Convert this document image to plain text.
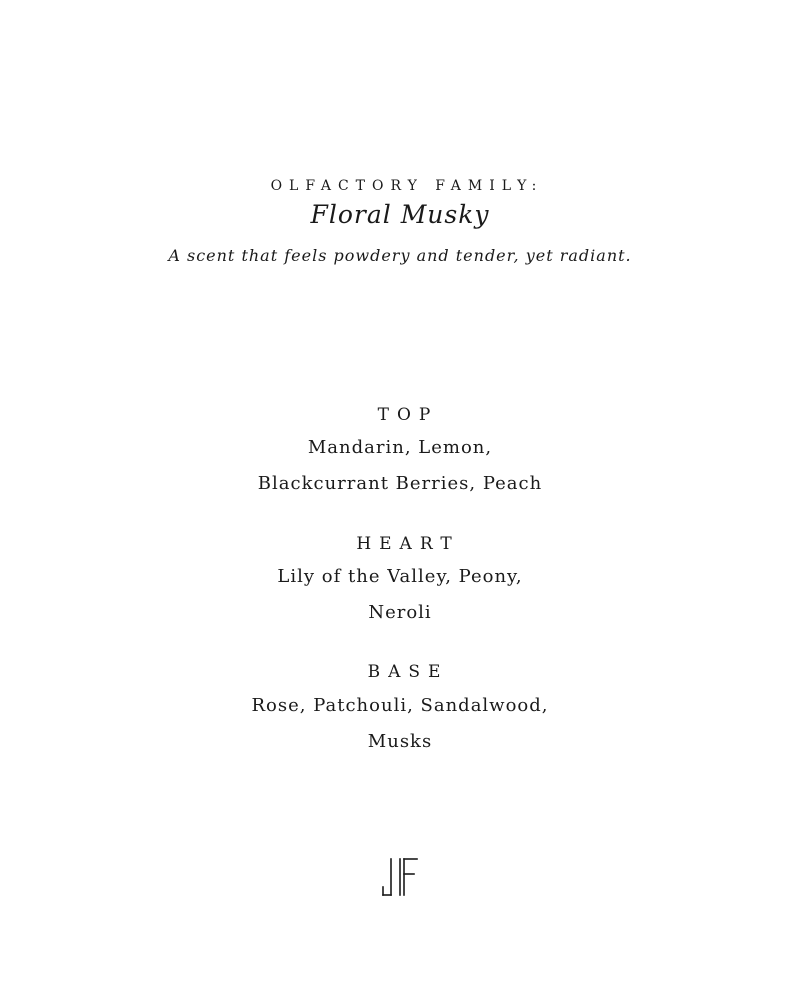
OLFACTORY FAMILY:
Floral Musky
A scent that feels powdery and tender, yet radiant.
TOP
Mandarin, Lemon,
Blackcurrant Berries, Peach
HEART
Lily of the Valley, Peony,
Neroli
BASE
Rose, Patchouli, Sandalwood,
Musks
